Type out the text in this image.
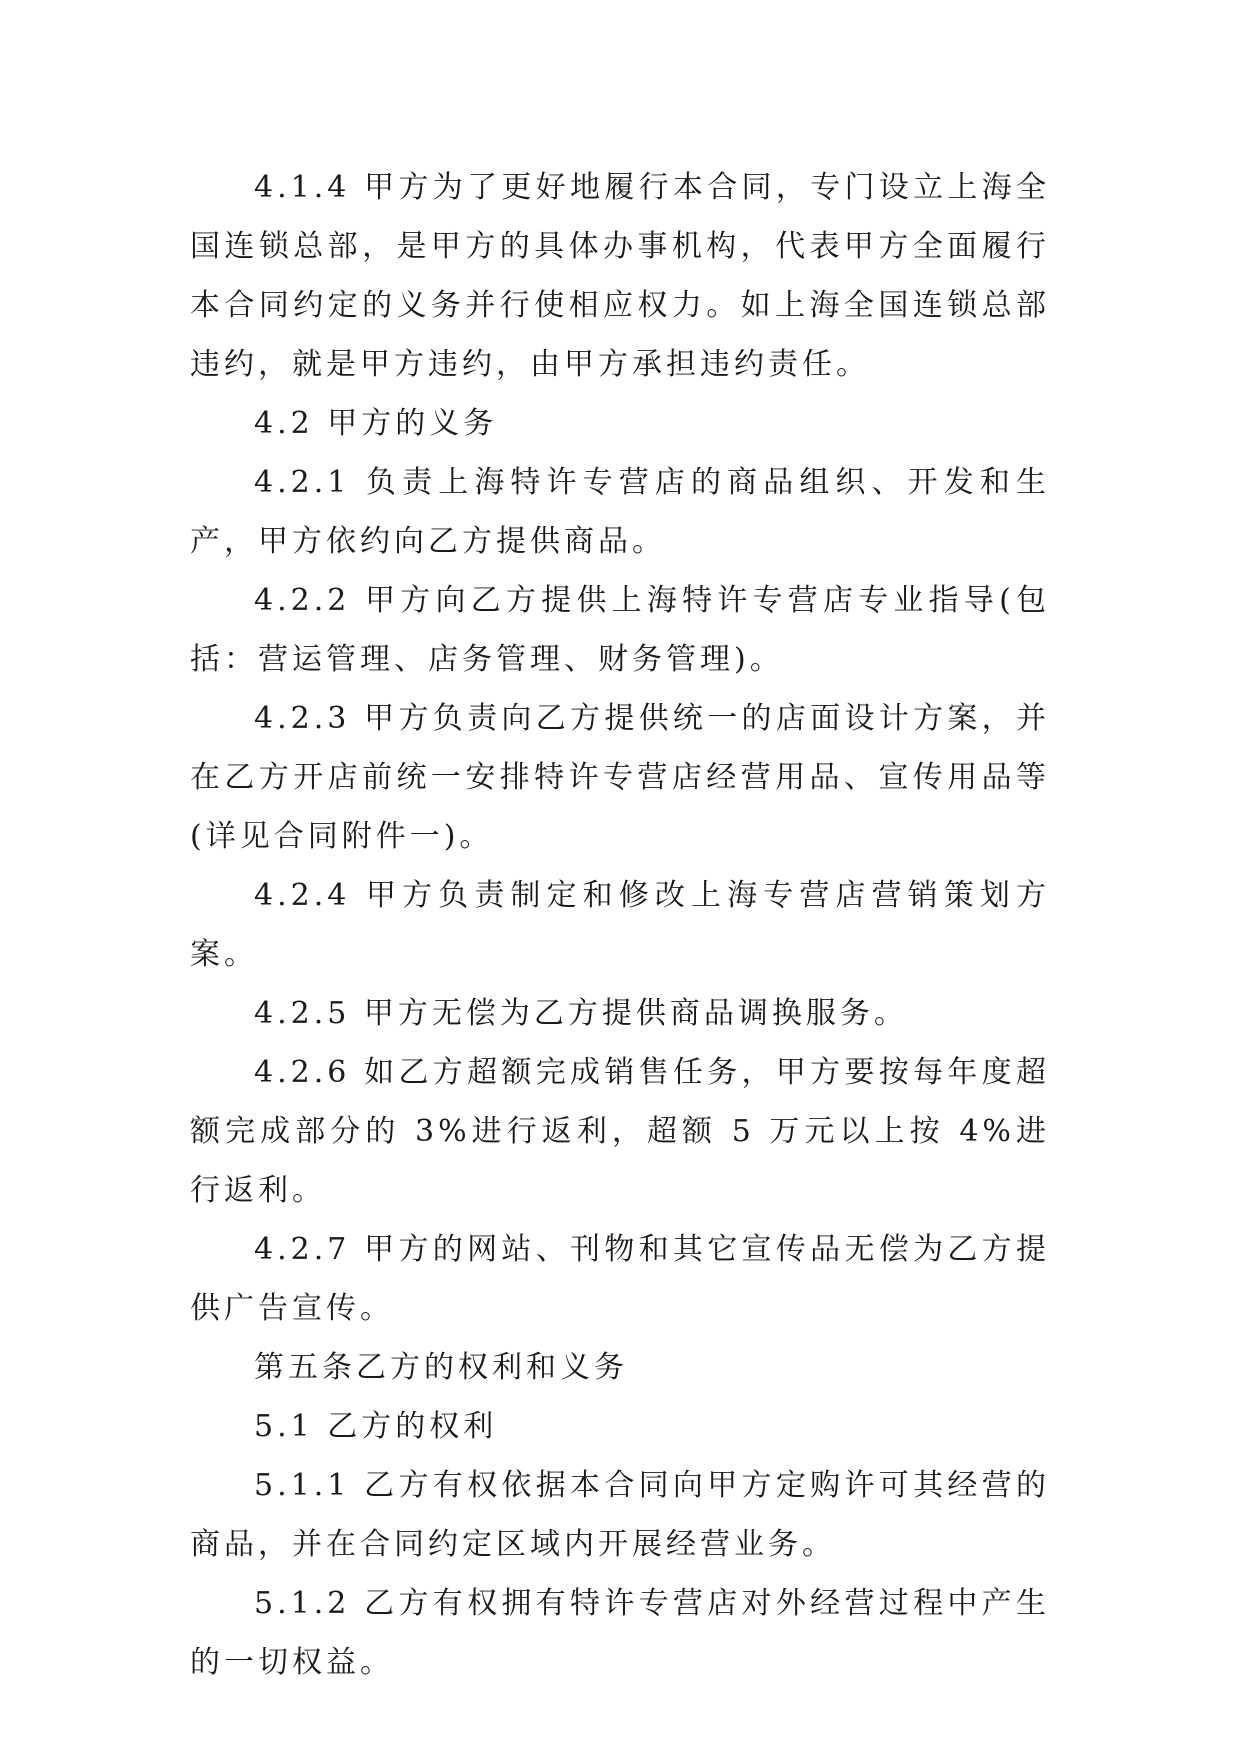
4.1.4 甲方为了更好地履行本合同，专门设立上海全国连锁总部，是甲方的具体办事机构，代表甲方全面履行本合同约定的义务并行使相应权力。如上海全国连锁总部违约，就是甲方违约，由甲方承担违约责任。

4.2 甲方的义务

4.2.1 负责上海特许专营店的商品组织、开发和生产，甲方依约向乙方提供商品。

4.2.2 甲方向乙方提供上海特许专营店专业指导(包括：营运管理、店务管理、财务管理)。

4.2.3 甲方负责向乙方提供统一的店面设计方案，并在乙方开店前统一安排特许专营店经营用品、宣传用品等(详见合同附件一)。

4.2.4 甲方负责制定和修改上海专营店营销策划方案。

4.2.5 甲方无偿为乙方提供商品调换服务。

4.2.6 如乙方超额完成销售任务，甲方要按每年度超额完成部分的 3%进行返利，超额 5 万元以上按 4%进行返利。

4.2.7 甲方的网站、刊物和其它宣传品无偿为乙方提供广告宣传。

第五条乙方的权利和义务

5.1 乙方的权利

5.1.1 乙方有权依据本合同向甲方定购许可其经营的商品，并在合同约定区域内开展经营业务。

5.1.2 乙方有权拥有特许专营店对外经营过程中产生的一切权益。
